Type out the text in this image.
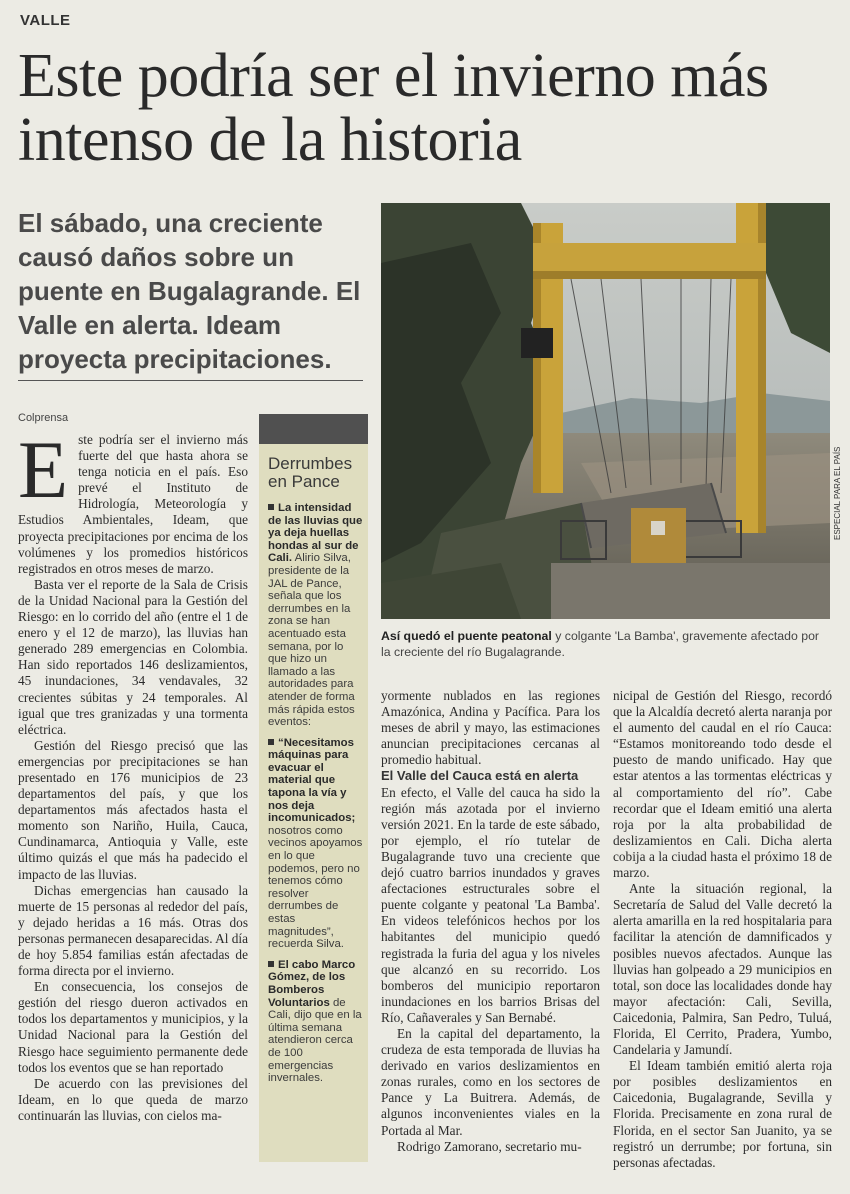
VALLE
Este podría ser el invierno más intenso de la historia
El sábado, una creciente causó daños sobre un puente en Bugalagrande. El Valle en alerta. Ideam proyecta precipitaciones.
Colprensa

Este podría ser el invierno más fuerte del que hasta ahora se tenga noticia en el país. Eso prevé el Instituto de Hidrología, Meteorología y Estudios Ambientales, Ideam, que proyecta precipitaciones por encima de los volúmenes y los promedios históricos registrados en otros meses de marzo.

Basta ver el reporte de la Sala de Crisis de la Unidad Nacional para la Gestión del Riesgo: en lo corrido del año (entre el 1 de enero y el 12 de marzo), las lluvias han generado 289 emergencias en Colombia. Han sido reportados 146 deslizamientos, 45 inundaciones, 34 vendavales, 32 crecientes súbitas y 24 temporales. Al igual que tres granizadas y una tormenta eléctrica.

Gestión del Riesgo precisó que las emergencias por precipitaciones se han presentado en 176 municipios de 23 departamentos del país, y que los departamentos más afectados hasta el momento son Nariño, Huila, Cauca, Cundinamarca, Antioquia y Valle, este último quizás el que más ha padecido el impacto de las lluvias.

Dichas emergencias han causado la muerte de 15 personas al rededor del país, y dejado heridas a 16 más. Otras dos personas permanecen desaparecidas. Al día de hoy 5.854 familias están afectadas de forma directa por el invierno.

En consecuencia, los consejos de gestión del riesgo dueron activados en todos los departamentos y municipios, y la Unidad Nacional para la Gestión del Riesgo hace seguimiento permanente dede todos los eventos que se han reportado

De acuerdo con las previsiones del Ideam, en lo que queda de marzo continuarán las lluvias, con cielos ma-

Derrumbes en Pance

La intensidad de las lluvias que ya deja huellas hondas al sur de Cali. Alirio Silva, presidente de la JAL de Pance, señala que los derrumbes en la zona se han acentuado esta semana, por lo que hizo un llamado a las autoridades para atender de forma más rápida estos eventos:

“Necesitamos máquinas para evacuar el material que tapona la vía y nos deja incomunicados; nosotros como vecinos apoyamos en lo que podemos, pero no tenemos cómo resolver derrumbes de estas magnitudes”, recuerda Silva.

El cabo Marco Gómez, de los Bomberos Voluntarios de Cali, dijo que en la última semana atendieron cerca de 100 emergencias invernales.

ESPECIAL PARA EL PAÍS
Así quedó el puente peatonal y colgante 'La Bamba', gravemente afectado por la creciente del río Bugalagrande.

yormente nublados en las regiones Amazónica, Andina y Pacífica. Para los meses de abril y mayo, las estimaciones anuncian precipitaciones cercanas al promedio habitual.

El Valle del Cauca está en alerta

En efecto, el Valle del cauca ha sido la región más azotada por el invierno versión 2021. En la tarde de este sábado, por ejemplo, el río tutelar de Bugalagrande tuvo una creciente que dejó cuatro barrios inundados y graves afectaciones estructurales sobre el puente colgante y peatonal 'La Bamba'. En videos telefónicos hechos por los habitantes del municipio quedó registrada la furia del agua y los niveles que alcanzó en su recorrido. Los bomberos del municipio reportaron inundaciones en los barrios Brisas del Río, Cañaverales y San Bernabé.

En la capital del departamento, la crudeza de esta temporada de lluvias ha derivado en varios deslizamientos en zonas rurales, como en los sectores de Pance y La Buitrera. Además, de algunos inconvenientes viales en la Portada al Mar.

Rodrigo Zamorano, secretario mu-

nicipal de Gestión del Riesgo, recordó que la Alcaldía decretó alerta naranja por el aumento del caudal en el río Cauca: “Estamos monitoreando todo desde el puesto de mando unificado. Hay que estar atentos a las tormentas eléctricas y al comportamiento del río”. Cabe recordar que el Ideam emitió una alerta roja por la alta probabilidad de deslizamientos en Cali. Dicha alerta cobija a la ciudad hasta el próximo 18 de marzo.

Ante la situación regional, la Secretaría de Salud del Valle decretó la alerta amarilla en la red hospitalaria para facilitar la atención de damnificados y posibles nuevos afectados. Aunque las lluvias han golpeado a 29 municipios en total, son doce las localidades donde hay mayor afectación: Cali, Sevilla, Caicedonia, Palmira, San Pedro, Tuluá, Florida, El Cerrito, Pradera, Yumbo, Candelaria y Jamundí.

El Ideam también emitió alerta roja por posibles deslizamientos en Caicedonia, Bugalagrande, Sevilla y Florida. Precisamente en zona rural de Florida, en el sector San Juanito, ya se registró un derrumbe; por fortuna, sin personas afectadas.
